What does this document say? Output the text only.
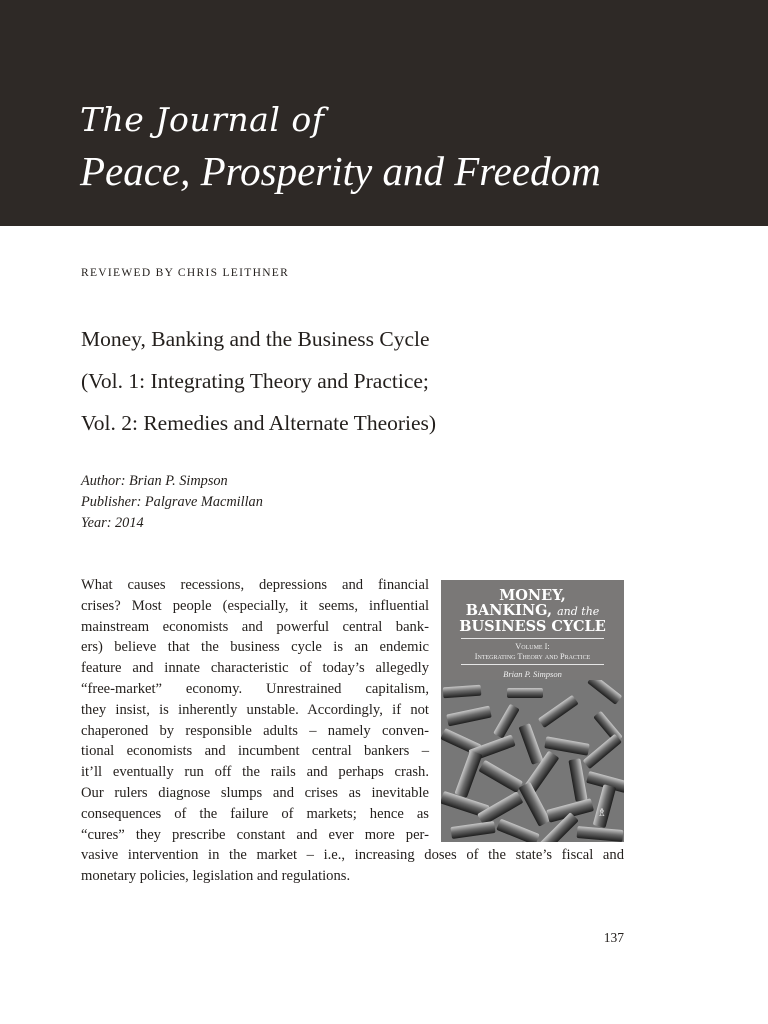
The Journal of
Peace, Prosperity and Freedom
REVIEWED BY CHRIS LEITHNER
Money, Banking and the Business Cycle
(Vol. 1: Integrating Theory and Practice;
Vol. 2: Remedies and Alternate Theories)
Author: Brian P. Simpson
Publisher: Palgrave Macmillan
Year: 2014
What causes recessions, depressions and financial
crises? Most people (especially, it seems, influential
mainstream economists and powerful central bank-
ers) believe that the business cycle is an endemic
feature and innate characteristic of today’s allegedly
“free-market” economy. Unrestrained capitalism,
they insist, is inherently unstable. Accordingly, if not
chaperoned by responsible adults – namely conven-
tional economists and incumbent central bankers –
it’ll eventually run off the rails and perhaps crash.
Our rulers diagnose slumps and crises as inevitable
consequences of the failure of markets; hence as
“cures” they prescribe constant and ever more per-
vasive intervention in the market – i.e., increasing doses of the state’s fiscal and
monetary policies, legislation and regulations.
MONEY,
BANKING, and the
BUSINESS CYCLE
Volume I:
Integrating Theory and Practice
Brian P. Simpson
♗
137
